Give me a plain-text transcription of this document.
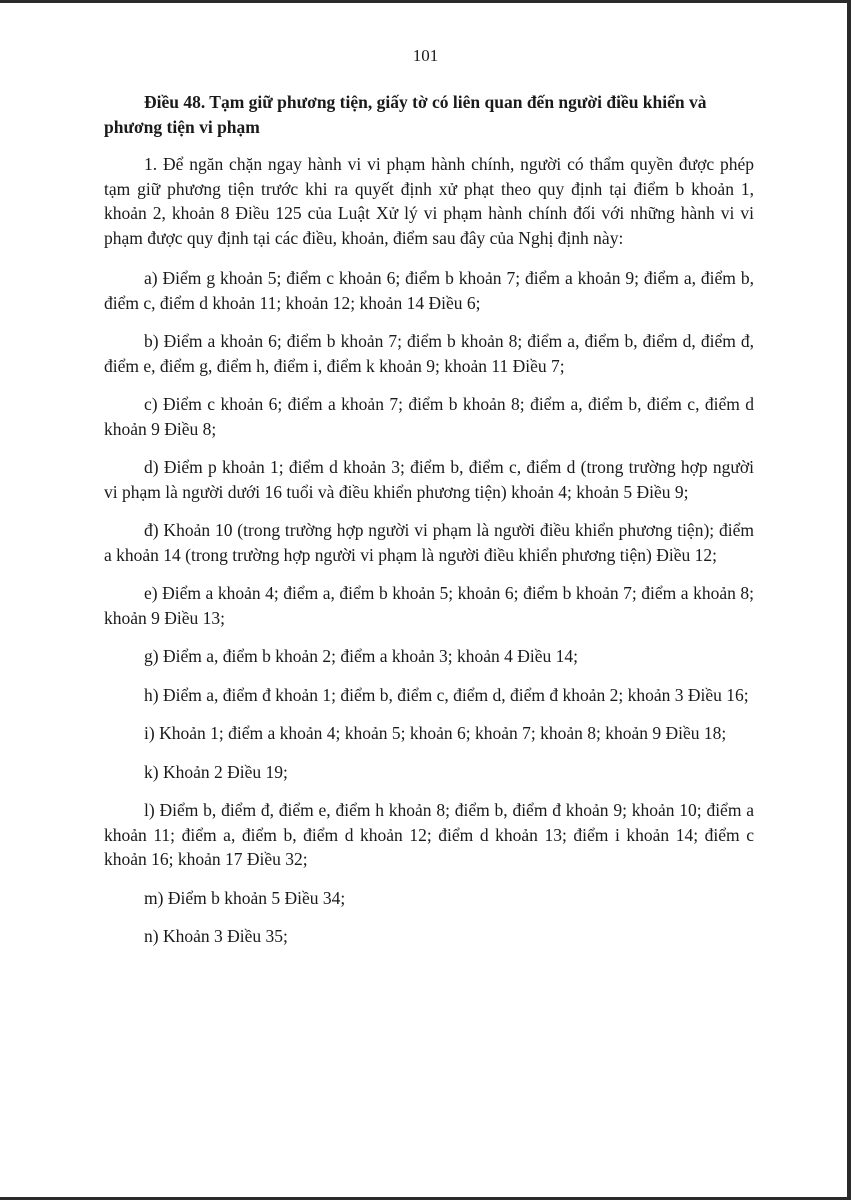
101
Điều 48. Tạm giữ phương tiện, giấy tờ có liên quan đến người điều khiển và phương tiện vi phạm

1. Để ngăn chặn ngay hành vi vi phạm hành chính, người có thẩm quyền được phép tạm giữ phương tiện trước khi ra quyết định xử phạt theo quy định tại điểm b khoản 1, khoản 2, khoản 8 Điều 125 của Luật Xử lý vi phạm hành chính đối với những hành vi vi phạm được quy định tại các điều, khoản, điểm sau đây của Nghị định này:

a) Điểm g khoản 5; điểm c khoản 6; điểm b khoản 7; điểm a khoản 9; điểm a, điểm b, điểm c, điểm d khoản 11; khoản 12; khoản 14 Điều 6;

b) Điểm a khoản 6; điểm b khoản 7; điểm b khoản 8; điểm a, điểm b, điểm d, điểm đ, điểm e, điểm g, điểm h, điểm i, điểm k khoản 9; khoản 11 Điều 7;

c) Điểm c khoản 6; điểm a khoản 7; điểm b khoản 8; điểm a, điểm b, điểm c, điểm d khoản 9 Điều 8;

d) Điểm p khoản 1; điểm d khoản 3; điểm b, điểm c, điểm d (trong trường hợp người vi phạm là người dưới 16 tuổi và điều khiển phương tiện) khoản 4; khoản 5 Điều 9;

đ) Khoản 10 (trong trường hợp người vi phạm là người điều khiển phương tiện); điểm a khoản 14 (trong trường hợp người vi phạm là người điều khiển phương tiện) Điều 12;

e) Điểm a khoản 4; điểm a, điểm b khoản 5; khoản 6; điểm b khoản 7; điểm a khoản 8; khoản 9 Điều 13;

g) Điểm a, điểm b khoản 2; điểm a khoản 3; khoản 4 Điều 14;

h) Điểm a, điểm đ khoản 1; điểm b, điểm c, điểm d, điểm đ khoản 2; khoản 3 Điều 16;

i) Khoản 1; điểm a khoản 4; khoản 5; khoản 6; khoản 7; khoản 8; khoản 9 Điều 18;

k) Khoản 2 Điều 19;

l) Điểm b, điểm đ, điểm e, điểm h khoản 8; điểm b, điểm đ khoản 9; khoản 10; điểm a khoản 11; điểm a, điểm b, điểm d khoản 12; điểm d khoản 13; điểm i khoản 14; điểm c khoản 16; khoản 17 Điều 32;

m) Điểm b khoản 5 Điều 34;

n) Khoản 3 Điều 35;
